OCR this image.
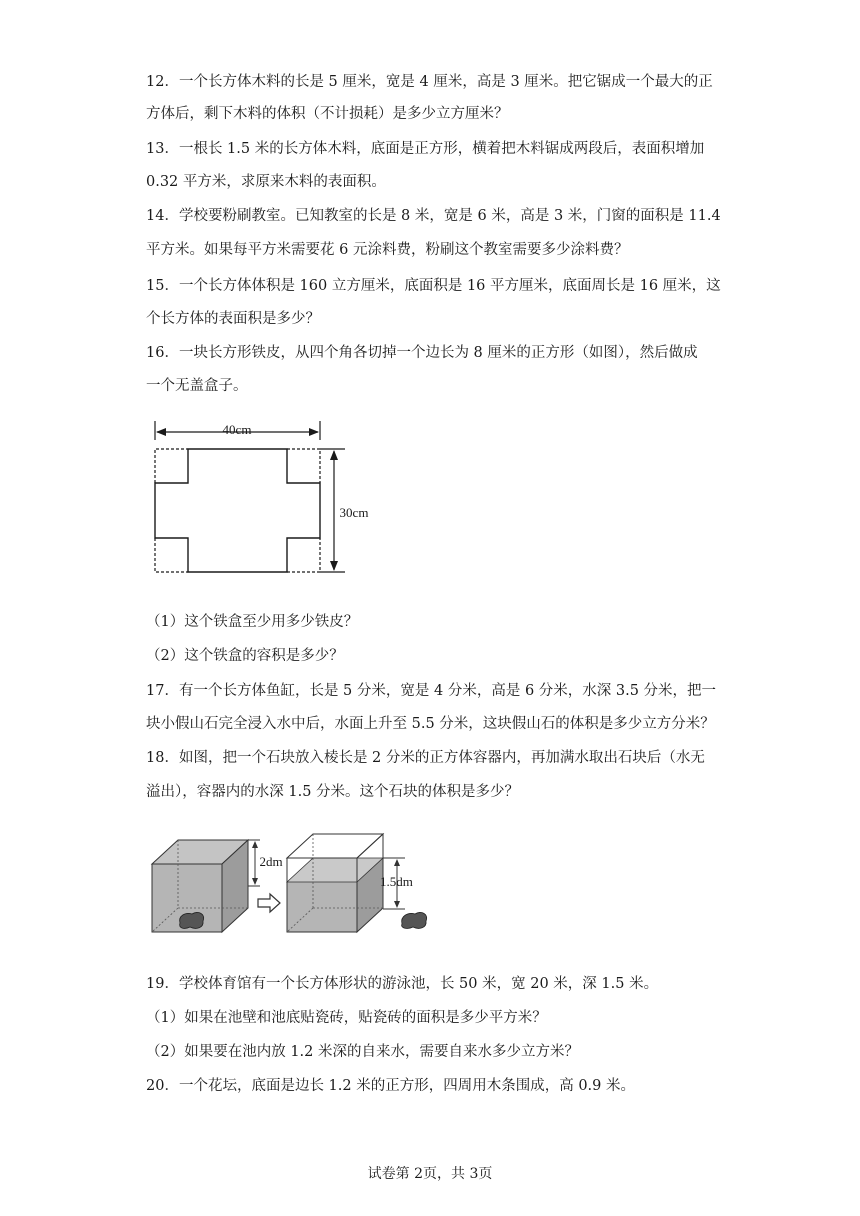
12．一个长方体木料的长是 5 厘米，宽是 4 厘米，高是 3 厘米。把它锯成一个最大的正

方体后，剩下木料的体积（不计损耗）是多少立方厘米？

13．一根长 1.5 米的长方体木料，底面是正方形，横着把木料锯成两段后，表面积增加

0.32 平方米，求原来木料的表面积。

14．学校要粉刷教室。已知教室的长是 8 米，宽是 6 米，高是 3 米，门窗的面积是 11.4

平方米。如果每平方米需要花 6 元涂料费，粉刷这个教室需要多少涂料费？

15．一个长方体体积是 160 立方厘米，底面积是 16 平方厘米，底面周长是 16 厘米，这

个长方体的表面积是多少？

16．一块长方形铁皮，从四个角各切掉一个边长为 8 厘米的正方形（如图），然后做成

一个无盖盒子。

40cm
30cm

（1）这个铁盒至少用多少铁皮？

（2）这个铁盒的容积是多少？

17．有一个长方体鱼缸，长是 5 分米，宽是 4 分米，高是 6 分米，水深 3.5 分米，把一

块小假山石完全浸入水中后，水面上升至 5.5 分米，这块假山石的体积是多少立方分米？

18．如图，把一个石块放入棱长是 2 分米的正方体容器内，再加满水取出石块后（水无

溢出），容器内的水深 1.5 分米。这个石块的体积是多少？

2dm
1.5dm

19．学校体育馆有一个长方体形状的游泳池，长 50 米，宽 20 米，深 1.5 米。

（1）如果在池壁和池底贴瓷砖，贴瓷砖的面积是多少平方米？

（2）如果要在池内放 1.2 米深的自来水，需要自来水多少立方米？

20．一个花坛，底面是边长 1.2 米的正方形，四周用木条围成，高 0.9 米。

试卷第 2页，共 3页
